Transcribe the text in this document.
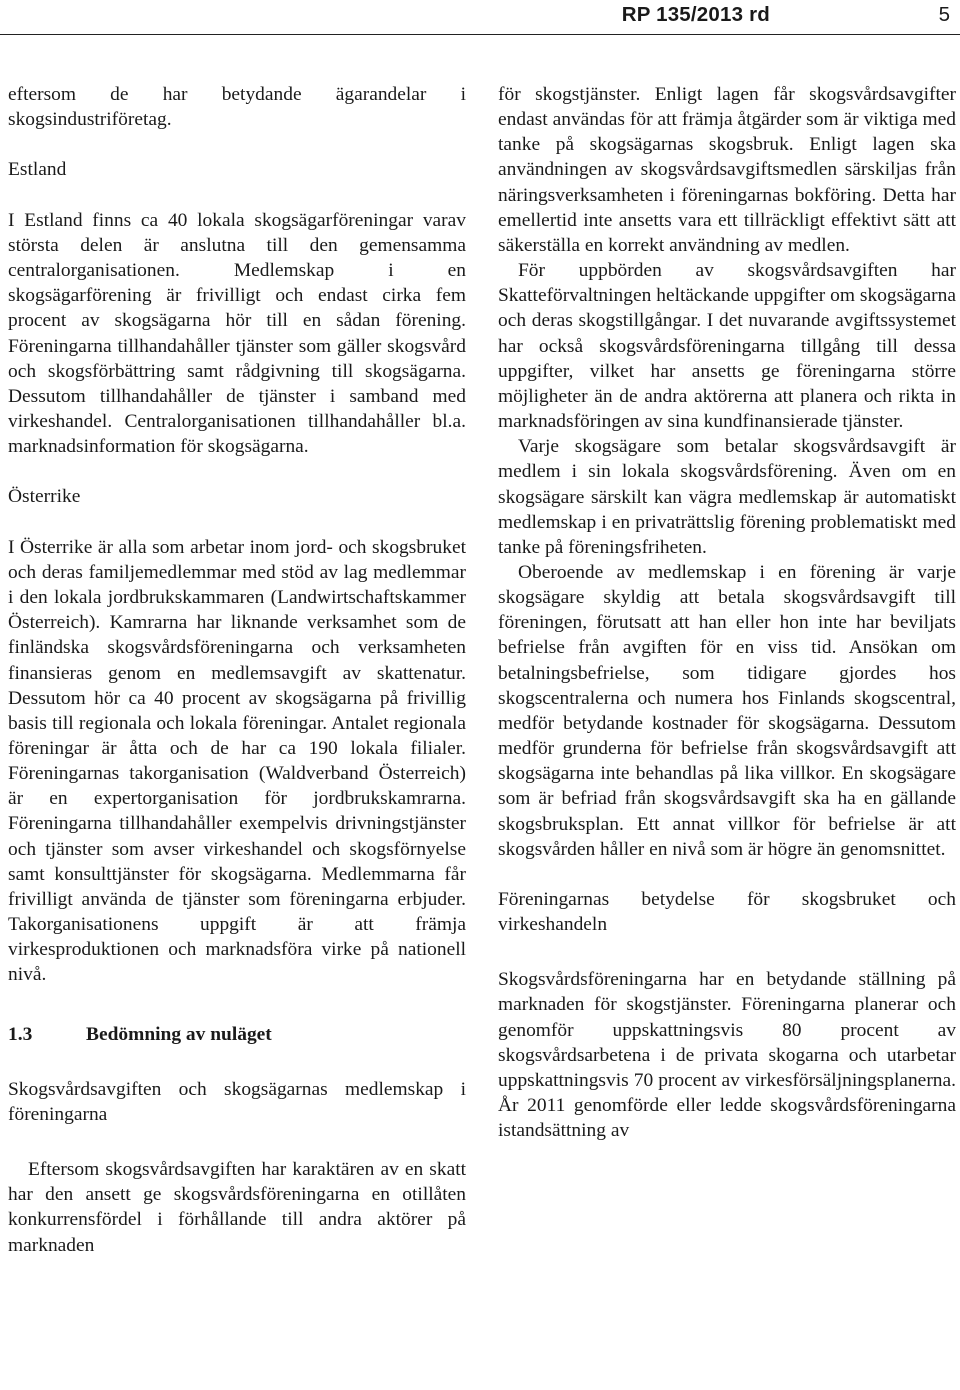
RP 135/2013 rd	5

eftersom de har betydande ägarandelar i skogsindustriföretag.

Estland

I Estland finns ca 40 lokala skogsägarföreningar varav största delen är anslutna till den gemensamma centralorganisationen. Medlemskap i en skogsägarförening är frivilligt och endast cirka fem procent av skogsägarna hör till en sådan förening. Föreningarna tillhandahåller tjänster som gäller skogsvård och skogsförbättring samt rådgivning till skogsägarna. Dessutom tillhandahåller de tjänster i samband med virkeshandel. Centralorganisationen tillhandahåller bl.a. marknadsinformation för skogsägarna.

Österrike

I Österrike är alla som arbetar inom jord- och skogsbruket och deras familjemedlemmar med stöd av lag medlemmar i den lokala jordbrukskammaren (Landwirtschaftskammer Österreich). Kamrarna har liknande verksamhet som de finländska skogsvårdsföreningarna och verksamheten finansieras genom en medlemsavgift av skattenatur. Dessutom hör ca 40 procent av skogsägarna på frivillig basis till regionala och lokala föreningar. Antalet regionala föreningar är åtta och de har ca 190 lokala filialer. Föreningarnas takorganisation (Waldverband Österreich) är en expertorganisation för jordbrukskamrarna. Föreningarna tillhandahåller exempelvis drivningstjänster och tjänster som avser virkeshandel och skogsförnyelse samt konsulttjänster för skogsägarna. Medlemmarna får frivilligt använda de tjänster som föreningarna erbjuder. Takorganisationens uppgift är att främja virkesproduktionen och marknadsföra virke på nationell nivå.

1.3	Bedömning av nuläget

Skogsvårdsavgiften och skogsägarnas medlemskap i föreningarna

Eftersom skogsvårdsavgiften har karaktären av en skatt har den ansett ge skogsvårdsföreningarna en otillåten konkurrensfördel i förhållande till andra aktörer på marknaden

för skogstjänster. Enligt lagen får skogsvårdsavgifter endast användas för att främja åtgärder som är viktiga med tanke på skogsägarnas skogsbruk. Enligt lagen ska användningen av skogsvårdsavgiftsmedlen särskiljas från näringsverksamheten i föreningarnas bokföring. Detta har emellertid inte ansetts vara ett tillräckligt effektivt sätt att säkerställa en korrekt användning av medlen.

För uppbörden av skogsvårdsavgiften har Skatteförvaltningen heltäckande uppgifter om skogsägarna och deras skogstillgångar. I det nuvarande avgiftssystemet har också skogsvårdsföreningarna tillgång till dessa uppgifter, vilket har ansetts ge föreningarna större möjligheter än de andra aktörerna att planera och rikta in marknadsföringen av sina kundfinansierade tjänster.

Varje skogsägare som betalar skogsvårdsavgift är medlem i sin lokala skogsvårdsförening. Även om en skogsägare särskilt kan vägra medlemskap är automatiskt medlemskap i en privaträttslig förening problematiskt med tanke på föreningsfriheten.

Oberoende av medlemskap i en förening är varje skogsägare skyldig att betala skogsvårdsavgift till föreningen, förutsatt att han eller hon inte har beviljats befrielse från avgiften för en viss tid. Ansökan om betalningsbefrielse, som tidigare gjordes hos skogscentralerna och numera hos Finlands skogscentral, medför betydande kostnader för skogsägarna. Dessutom medför grunderna för befrielse från skogsvårdsavgift att skogsägarna inte behandlas på lika villkor. En skogsägare som är befriad från skogsvårdsavgift ska ha en gällande skogsbruksplan. Ett annat villkor för befrielse är att skogsvården håller en nivå som är högre än genomsnittet.

Föreningarnas betydelse för skogsbruket och virkeshandeln

Skogsvårdsföreningarna har en betydande ställning på marknaden för skogstjänster. Föreningarna planerar och genomför uppskattningsvis 80 procent av skogsvårdsarbetena i de privata skogarna och utarbetar uppskattningsvis 70 procent av virkesförsäljningsplanerna. År 2011 genomförde eller ledde skogsvårdsföreningarna istandsättning av
